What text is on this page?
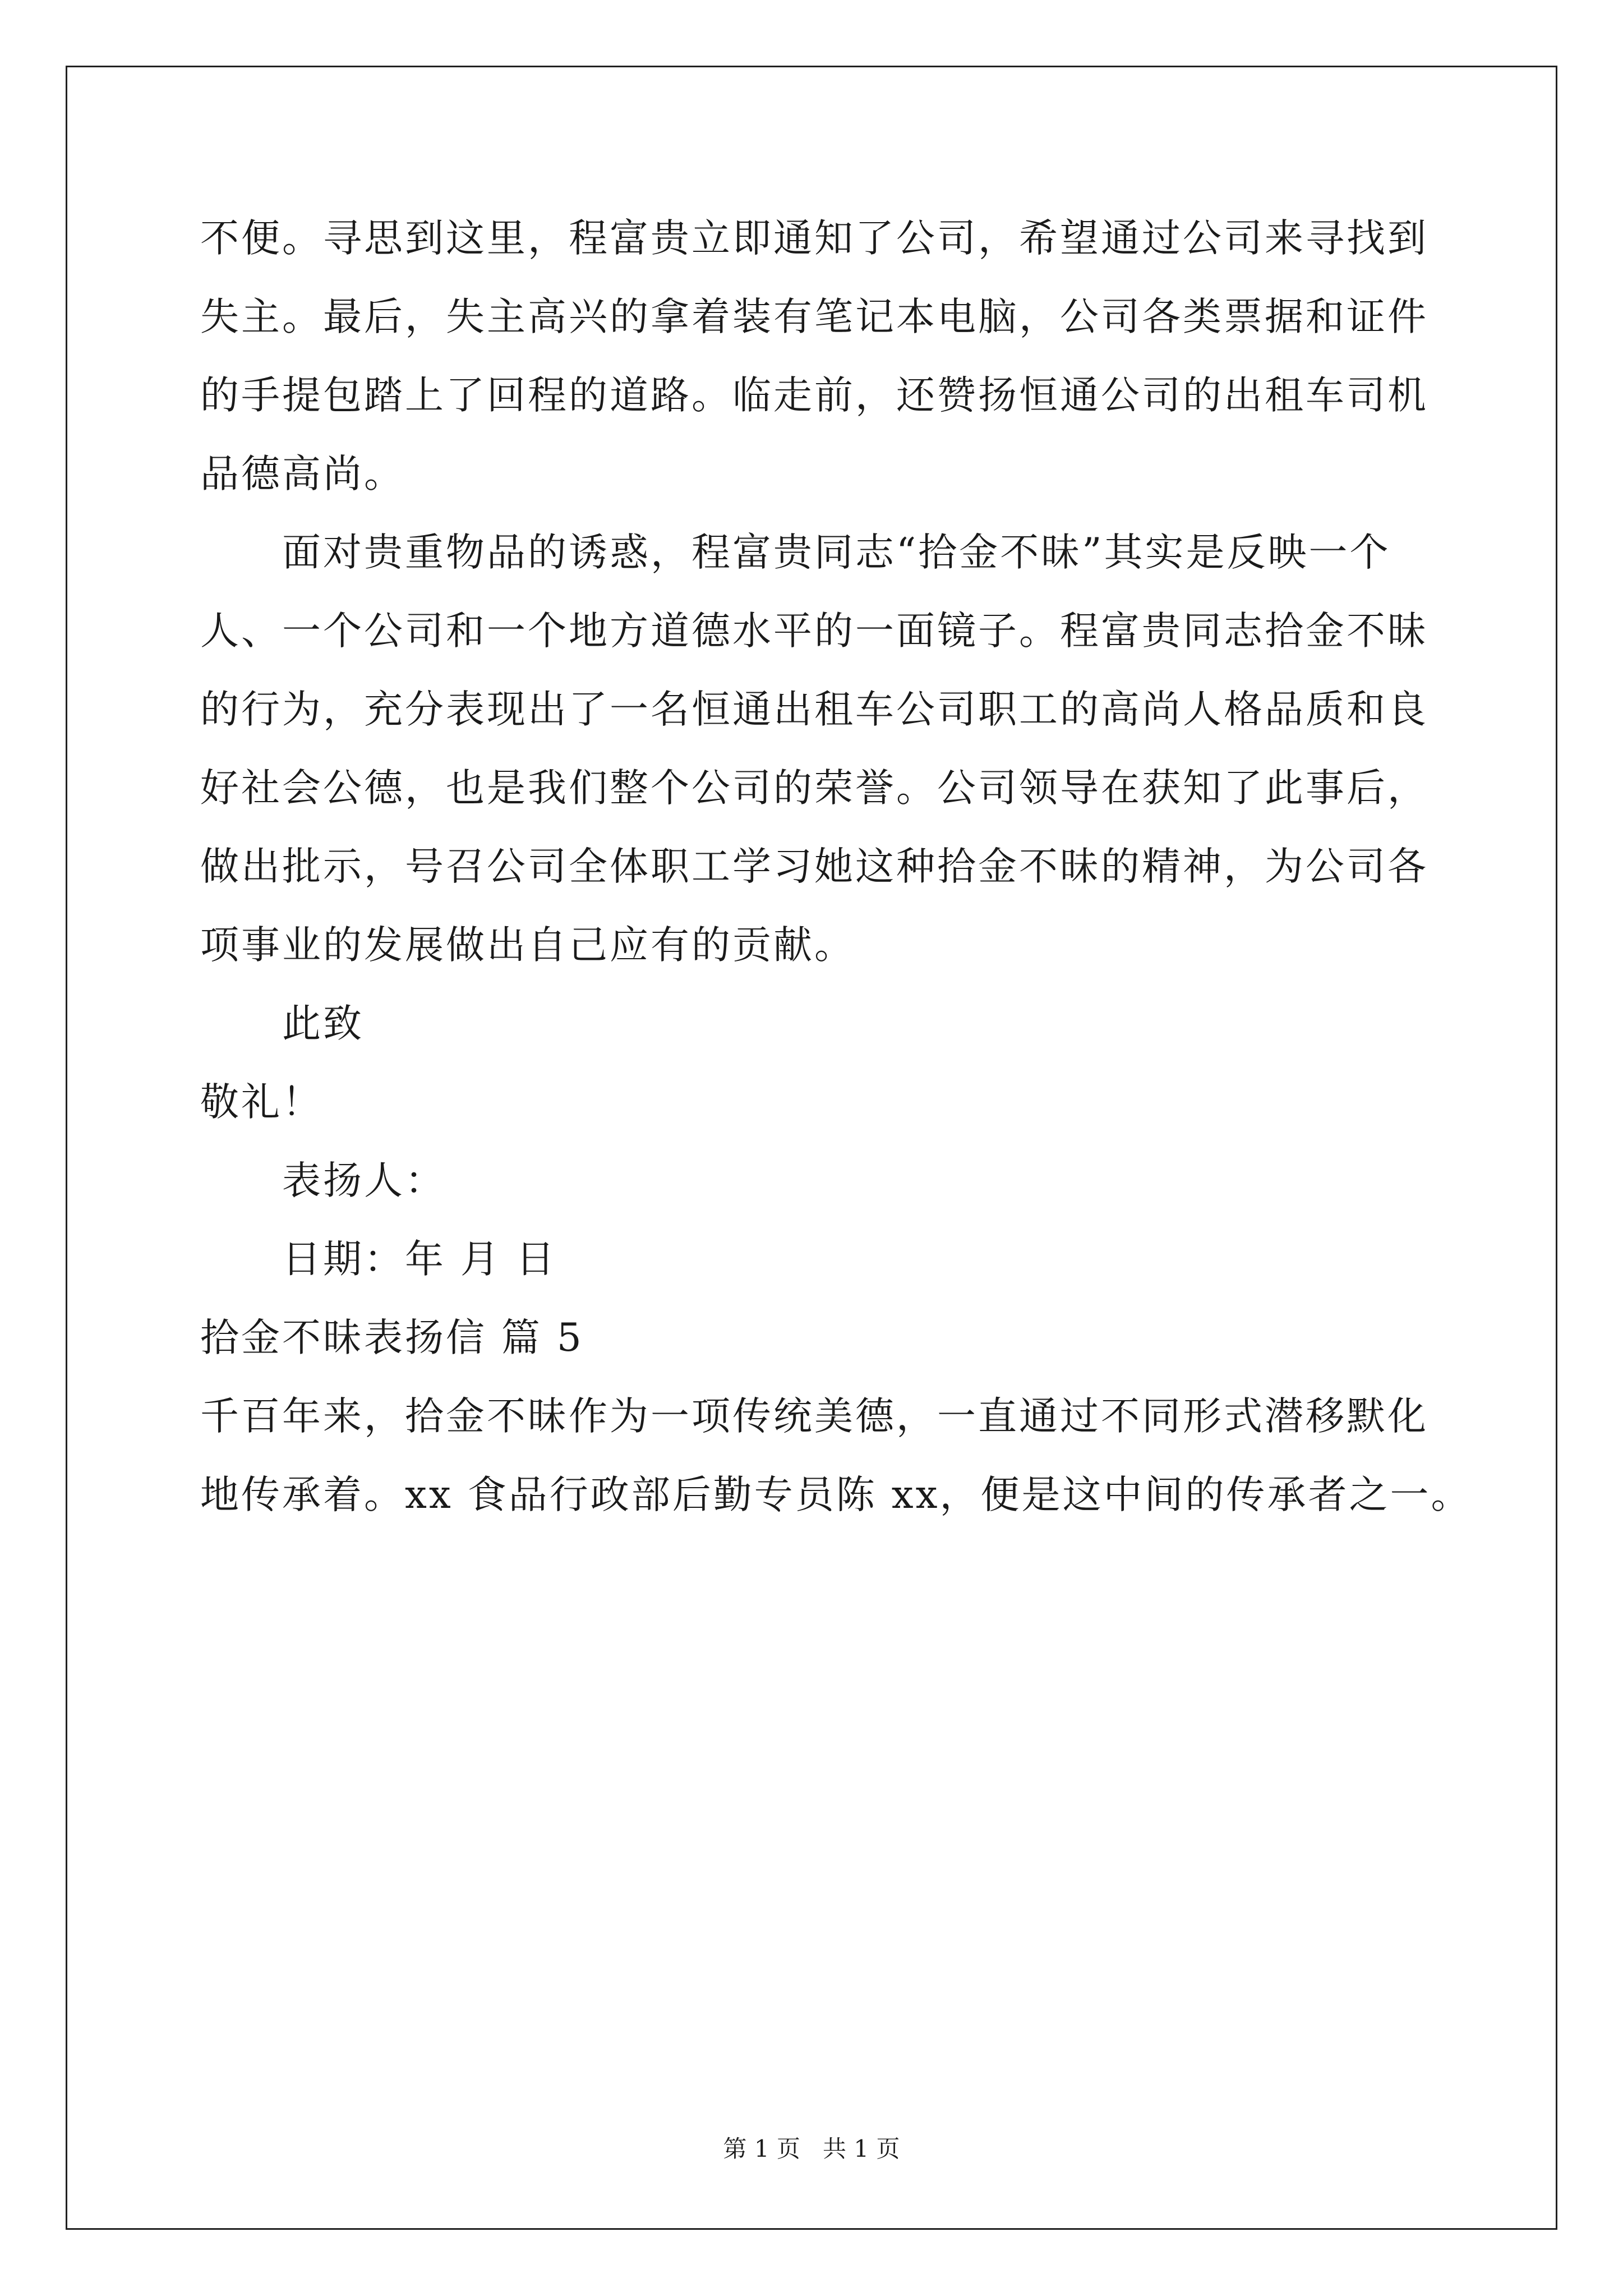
不便。寻思到这里，程富贵立即通知了公司，希望通过公司来寻找到
失主。最后，失主高兴的拿着装有笔记本电脑，公司各类票据和证件
的手提包踏上了回程的道路。临走前，还赞扬恒通公司的出租车司机
品德高尚。
面对贵重物品的诱惑，程富贵同志“拾金不昧”其实是反映一个
人、一个公司和一个地方道德水平的一面镜子。程富贵同志拾金不昧
的行为，充分表现出了一名恒通出租车公司职工的高尚人格品质和良
好社会公德，也是我们整个公司的荣誉。公司领导在获知了此事后，
做出批示，号召公司全体职工学习她这种拾金不昧的精神，为公司各
项事业的发展做出自己应有的贡献。
此致
敬礼！
表扬人：
日期：年 月 日
拾金不昧表扬信 篇 5
千百年来，拾金不昧作为一项传统美德，一直通过不同形式潜移默化
地传承着。xx 食品行政部后勤专员陈 xx，便是这中间的传承者之一。
第 1 页   共 1 页
